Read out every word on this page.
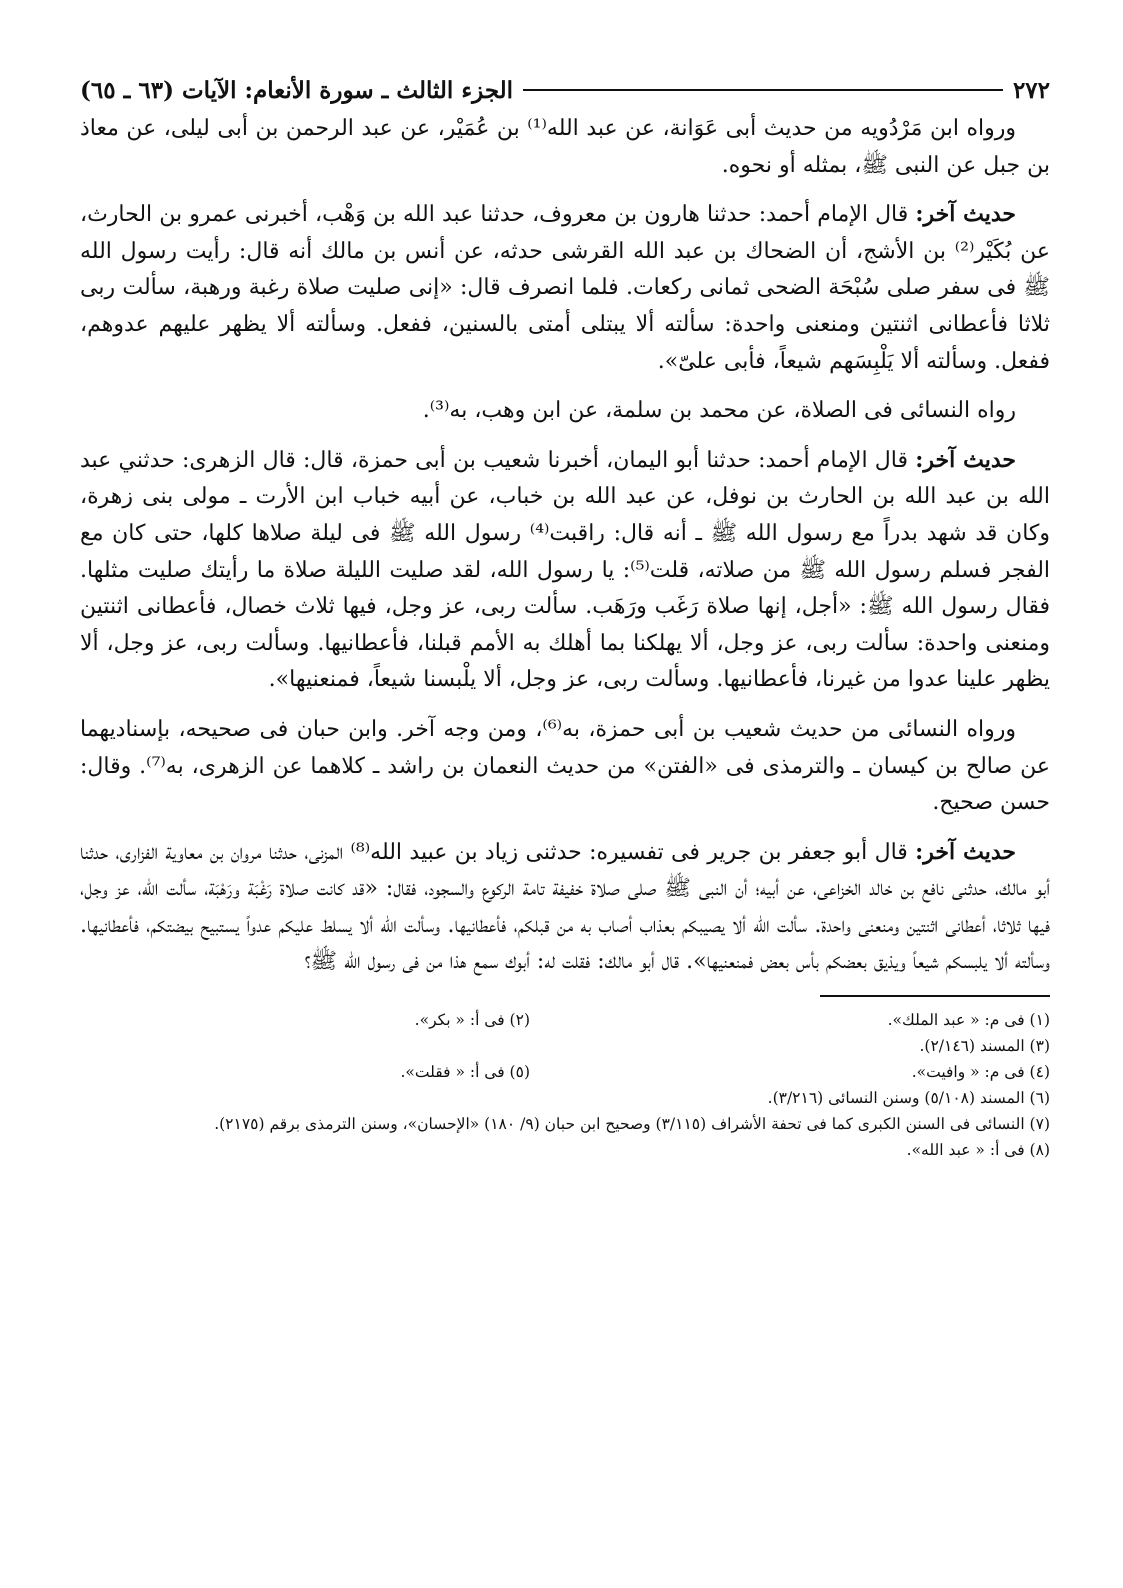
٢٧٢
الجزء الثالث ـ سورة الأنعام: الآيات (٦٣ ـ ٦٥)

ورواه ابن مَرْدُويه من حديث أبى عَوَانة، عن عبد الله⁽¹⁾ بن عُمَيْر، عن عبد الرحمن بن أبى ليلى، عن معاذ بن جبل عن النبى ﷺ، بمثله أو نحوه.

حديث آخر: قال الإمام أحمد: حدثنا هارون بن معروف، حدثنا عبد الله بن وَهْب، أخبرنى عمرو بن الحارث، عن بُكَيْر⁽²⁾ بن الأشج، أن الضحاك بن عبد الله القرشى حدثه، عن أنس بن مالك أنه قال: رأيت رسول الله ﷺ فى سفر صلى سُبْحَة الضحى ثمانى ركعات. فلما انصرف قال: «إنى صليت صلاة رغبة ورهبة، سألت ربى ثلاثا فأعطانى اثنتين ومنعنى واحدة: سألته ألا يبتلى أمتى بالسنين، ففعل. وسألته ألا يظهر عليهم عدوهم، ففعل. وسألته ألا يَلْبِسَهم شيعاً، فأبى علىّ».

رواه النسائى فى الصلاة، عن محمد بن سلمة، عن ابن وهب، به⁽³⁾.

حديث آخر: قال الإمام أحمد: حدثنا أبو اليمان، أخبرنا شعيب بن أبى حمزة، قال: قال الزهرى: حدثني عبد الله بن عبد الله بن الحارث بن نوفل، عن عبد الله بن خباب، عن أبيه خباب ابن الأرت ـ مولى بنى زهرة، وكان قد شهد بدراً مع رسول الله ﷺ ـ أنه قال: راقبت⁽⁴⁾ رسول الله ﷺ فى ليلة صلاها كلها، حتى كان مع الفجر فسلم رسول الله ﷺ من صلاته، قلت⁽⁵⁾: يا رسول الله، لقد صليت الليلة صلاة ما رأيتك صليت مثلها. فقال رسول الله ﷺ: «أجل، إنها صلاة رَغَب ورَهَب. سألت ربى، عز وجل، فيها ثلاث خصال، فأعطانى اثنتين ومنعنى واحدة: سألت ربى، عز وجل، ألا يهلكنا بما أهلك به الأمم قبلنا، فأعطانيها. وسألت ربى، عز وجل، ألا يظهر علينا عدوا من غيرنا، فأعطانيها. وسألت ربى، عز وجل، ألا يلْبسنا شيعاً، فمنعنيها».

ورواه النسائى من حديث شعيب بن أبى حمزة، به⁽⁶⁾، ومن وجه آخر. وابن حبان فى صحيحه، بإسناديهما عن صالح بن كيسان ـ والترمذى فى «الفتن» من حديث النعمان بن راشد ـ كلاهما عن الزهرى، به⁽⁷⁾. وقال: حسن صحيح.

حديث آخر: قال أبو جعفر بن جرير فى تفسيره: حدثنى زياد بن عبيد الله⁽⁸⁾ المزنى، حدثنا مروان بن معاوية الفزارى، حدثنا أبو مالك، حدثنى نافع بن خالد الخزاعى، عن أبيه؛ أن النبى ﷺ صلى صلاة خفيفة تامة الركوع والسجود، فقال: «قد كانت صلاة رَغْبَة ورَهْبَة، سألت الله، عز وجل، فيها ثلاثا، أعطانى اثنتين ومنعنى واحدة. سألت الله ألا يصيبكم بعذاب أصاب به من قبلكم، فأعطانيها. وسألت الله ألا يسلط عليكم عدواً يستبيح بيضتكم، فأعطانيها. وسألته ألا يلبسكم شيعاً ويذيق بعضكم بأس بعض فمنعنيها». قال أبو مالك: فقلت له: أبوك سمع هذا من فى رسول الله ﷺ؟

(١) فى م: « عبد الملك».
(٢) فى أ: « بكر».
(٣) المسند (٢/١٤٦).
(٤) فى م: « وافيت».
(٥) فى أ: « فقلت».
(٦) المسند (٥/١٠٨) وسنن النسائى (٣/٢١٦).
(٧) النسائى فى السنن الكبرى كما فى تحفة الأشراف (٣/١١٥) وصحيح ابن حبان (٩/ ١٨٠) «الإحسان»، وسنن الترمذى برقم (٢١٧٥).
(٨) فى أ: « عبد الله».
